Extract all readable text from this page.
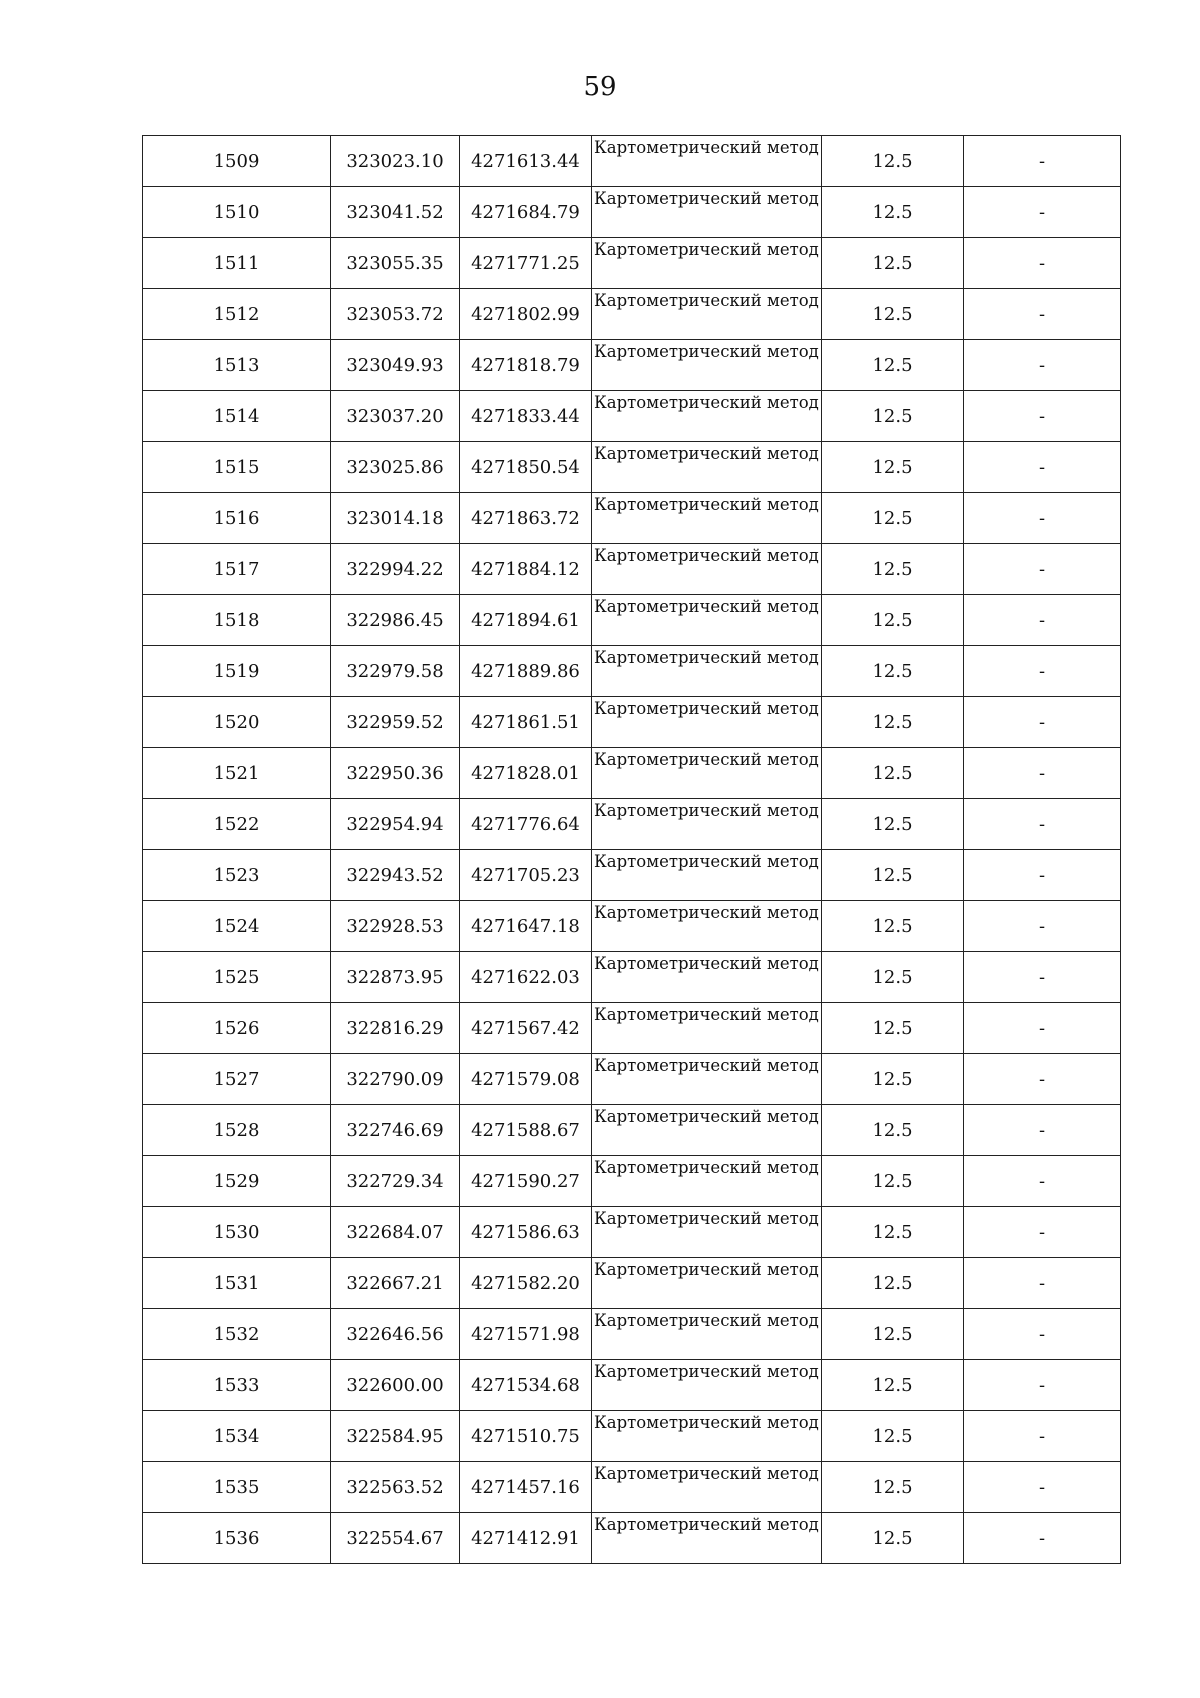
59
1509	323023.10	4271613.44	Картометрический метод	12.5	-
1510	323041.52	4271684.79	Картометрический метод	12.5	-
1511	323055.35	4271771.25	Картометрический метод	12.5	-
1512	323053.72	4271802.99	Картометрический метод	12.5	-
1513	323049.93	4271818.79	Картометрический метод	12.5	-
1514	323037.20	4271833.44	Картометрический метод	12.5	-
1515	323025.86	4271850.54	Картометрический метод	12.5	-
1516	323014.18	4271863.72	Картометрический метод	12.5	-
1517	322994.22	4271884.12	Картометрический метод	12.5	-
1518	322986.45	4271894.61	Картометрический метод	12.5	-
1519	322979.58	4271889.86	Картометрический метод	12.5	-
1520	322959.52	4271861.51	Картометрический метод	12.5	-
1521	322950.36	4271828.01	Картометрический метод	12.5	-
1522	322954.94	4271776.64	Картометрический метод	12.5	-
1523	322943.52	4271705.23	Картометрический метод	12.5	-
1524	322928.53	4271647.18	Картометрический метод	12.5	-
1525	322873.95	4271622.03	Картометрический метод	12.5	-
1526	322816.29	4271567.42	Картометрический метод	12.5	-
1527	322790.09	4271579.08	Картометрический метод	12.5	-
1528	322746.69	4271588.67	Картометрический метод	12.5	-
1529	322729.34	4271590.27	Картометрический метод	12.5	-
1530	322684.07	4271586.63	Картометрический метод	12.5	-
1531	322667.21	4271582.20	Картометрический метод	12.5	-
1532	322646.56	4271571.98	Картометрический метод	12.5	-
1533	322600.00	4271534.68	Картометрический метод	12.5	-
1534	322584.95	4271510.75	Картометрический метод	12.5	-
1535	322563.52	4271457.16	Картометрический метод	12.5	-
1536	322554.67	4271412.91	Картометрический метод	12.5	-
